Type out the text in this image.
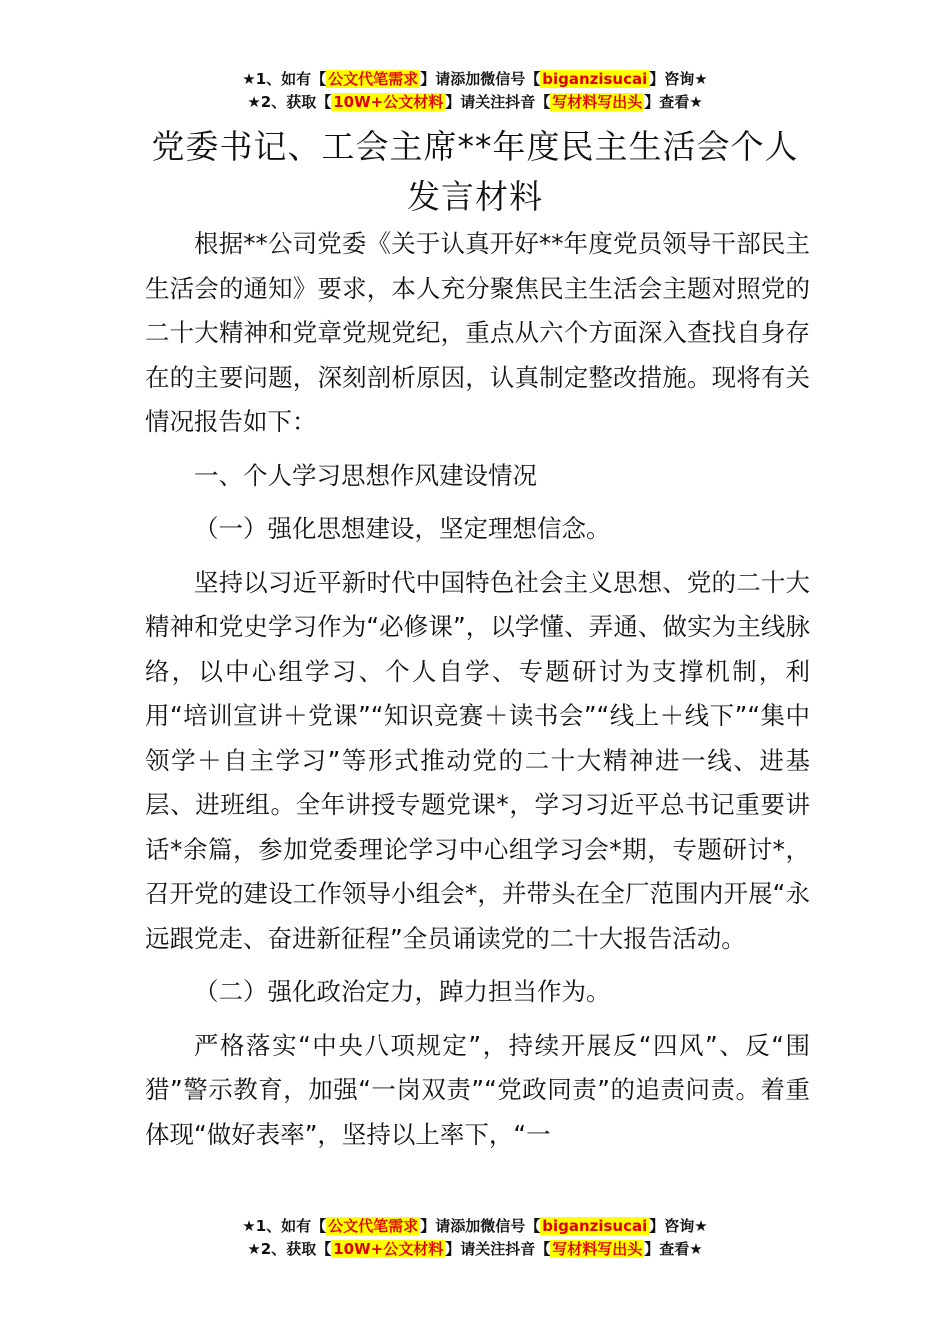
★1、如有【 公文代笔需求 】请添加微信号【 biganzisucai 】咨询★
★2、获取【 10W+公文材料 】请关注抖音【 写材料写出头 】查看★
党委书记、工会主席**年度民主生活会个人
发言材料

根据**公司党委《关于认真开好**年度党员领导干部民主生活会的通知》要求，本人充分聚焦民主生活会主题对照党的二十大精神和党章党规党纪，重点从六个方面深入查找自身存在的主要问题，深刻剖析原因，认真制定整改措施。现将有关情况报告如下：

一、个人学习思想作风建设情况

（一）强化思想建设，坚定理想信念。

坚持以习近平新时代中国特色社会主义思想、党的二十大精神和党史学习作为“必修课”，以学懂、弄通、做实为主线脉络，以中心组学习、个人自学、专题研讨为支撑机制，利用“培训宣讲＋党课”“知识竞赛＋读书会”“线上＋线下”“集中领学＋自主学习”等形式推动党的二十大精神进一线、进基层、进班组。全年讲授专题党课*，学习习近平总书记重要讲话*余篇，参加党委理论学习中心组学习会*期，专题研讨*，召开党的建设工作领导小组会*，并带头在全厂范围内开展“永远跟党走、奋进新征程”全员诵读党的二十大报告活动。

（二）强化政治定力，踔力担当作为。

严格落实“中央八项规定”，持续开展反“四风”、反“围猎”警示教育，加强“一岗双责”“党政同责”的追责问责。着重体现“做好表率”，坚持以上率下，“一

★1、如有【 公文代笔需求 】请添加微信号【 biganzisucai 】咨询★
★2、获取【 10W+公文材料 】请关注抖音【 写材料写出头 】查看★
